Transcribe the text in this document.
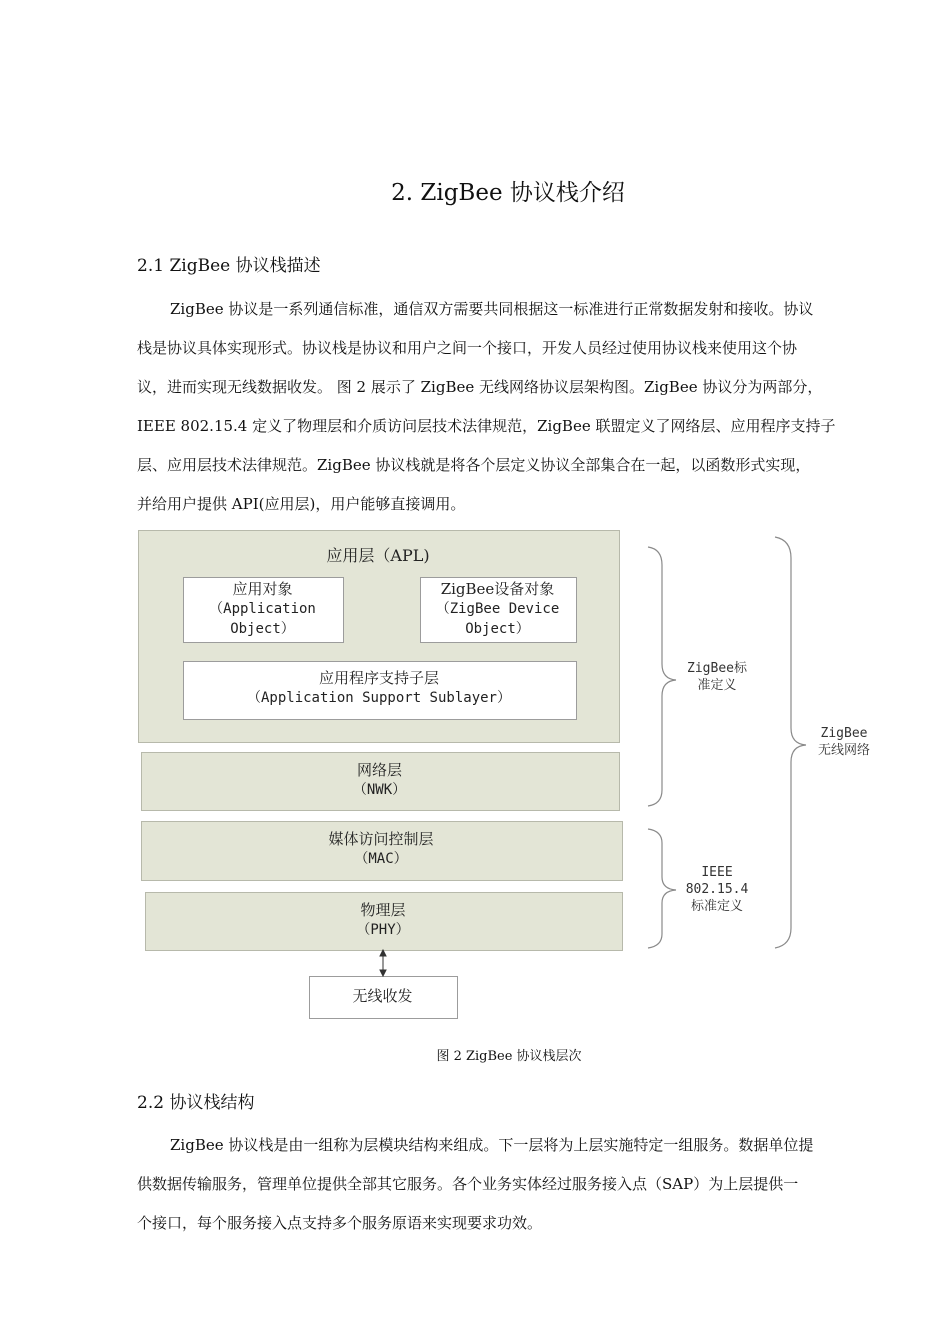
2. ZigBee 协议栈介绍
2.1 ZigBee 协议栈描述
ZigBee 协议是一系列通信标准，通信双方需要共同根据这一标准进行正常数据发射和接收。协议
栈是协议具体实现形式。协议栈是协议和用户之间一个接口，开发人员经过使用协议栈来使用这个协
议，进而实现无线数据收发。 图 2 展示了 ZigBee 无线网络协议层架构图。ZigBee 协议分为两部分，
IEEE 802.15.4 定义了物理层和介质访问层技术法律规范，ZigBee 联盟定义了网络层、应用程序支持子
层、应用层技术法律规范。ZigBee 协议栈就是将各个层定义协议全部集合在一起，以函数形式实现，
并给用户提供 API(应用层)，用户能够直接调用。
应用层（APL)
应用对象
（Application
Object）
ZigBee设备对象
（ZigBee Device
Object）
应用程序支持子层
（Application Support Sublayer）
网络层
（NWK）
媒体访问控制层
（MAC）
物理层
（PHY）
无线收发
ZigBee标
准定义
IEEE
802.15.4
标准定义
ZigBee
无线网络
图 2 ZigBee 协议栈层次
2.2 协议栈结构
ZigBee 协议栈是由一组称为层模块结构来组成。下一层将为上层实施特定一组服务。数据单位提
供数据传输服务，管理单位提供全部其它服务。各个业务实体经过服务接入点（SAP）为上层提供一
个接口，每个服务接入点支持多个服务原语来实现要求功效。
